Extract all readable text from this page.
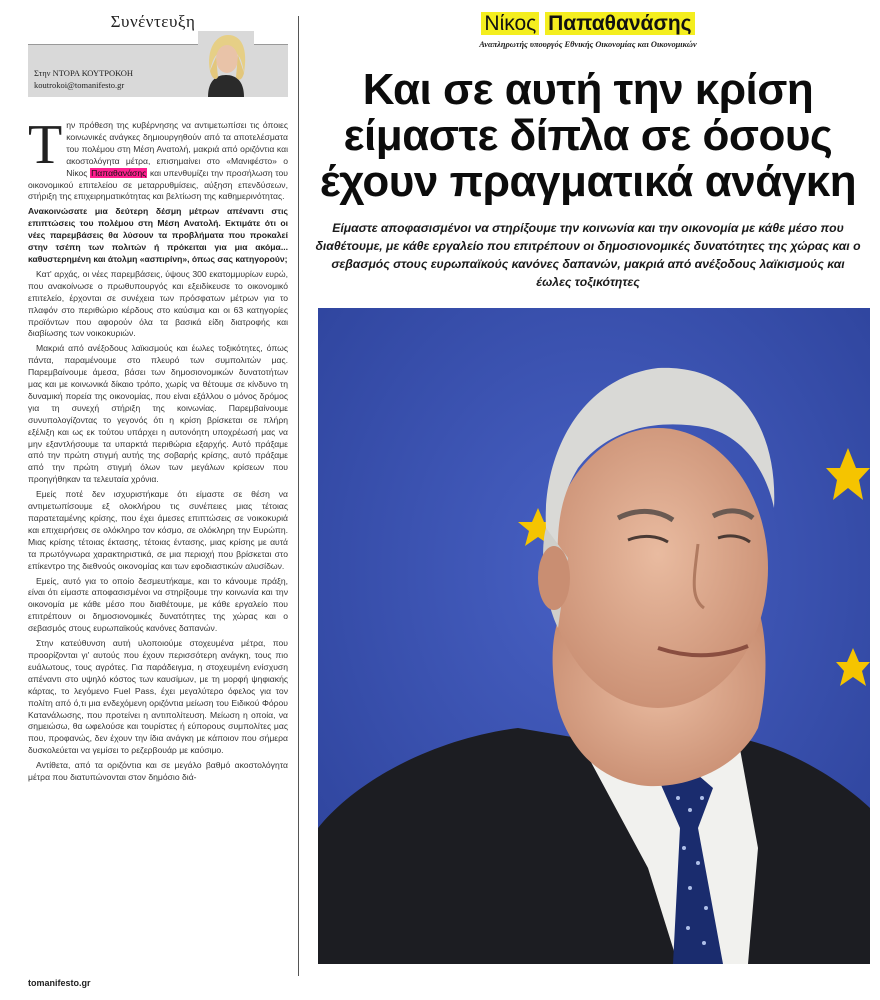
Συνέντευξη
Στην ΝΤΟΡΑ ΚΟΥΤΡΟΚΟΗ
koutrokoi@tomanifesto.gr

Την πρόθεση της κυβέρνησης να αντιμετωπίσει τις όποιες κοινωνικές ανάγκες δημιουργηθούν από τα αποτελέσματα του πολέμου στη Μέση Ανατολή, μακριά από οριζόντια και ακοστολόγητα μέτρα, επισημαίνει στο «Μανιφέστο» ο Νίκος Παπαθανάσης και υπενθυμίζει την προσήλωση του οικονομικού επιτελείου σε μεταρρυθμίσεις, αύξηση επενδύσεων, στήριξη της επιχειρηματικότητας και βελτίωση της καθημερινότητας.

Ανακοινώσατε μια δεύτερη δέσμη μέτρων απέναντι στις επιπτώσεις του πολέμου στη Μέση Ανατολή. Εκτιμάτε ότι οι νέες παρεμβάσεις θα λύσουν τα προβλήματα που προκαλεί στην τσέπη των πολιτών ή πρόκειται για μια ακόμα... καθυστερημένη και άτολμη «ασπιρίνη», όπως σας κατηγορούν;

Κατ' αρχάς, οι νέες παρεμβάσεις, ύψους 300 εκατομμυρίων ευρώ, που ανακοίνωσε ο πρωθυπουργός και εξειδίκευσε το οικονομικό επιτελείο, έρχονται σε συνέχεια των πρόσφατων μέτρων για το πλαφόν στο περιθώριο κέρδους στο καύσιμα και οι 63 κατηγορίες προϊόντων που αφορούν όλα τα βασικά είδη διατροφής και διαβίωσης των νοικοκυριών.

Μακριά από ανέξοδους λαϊκισμούς και έωλες τοξικότητες, όπως πάντα, παραμένουμε στο πλευρό των συμπολιτών μας. Παρεμβαίνουμε άμεσα, βάσει των δημοσιονομικών δυνατοτήτων μας και με κοινωνικά δίκαιο τρόπο, χωρίς να θέτουμε σε κίνδυνο τη δυναμική πορεία της οικονομίας, που είναι εξάλλου ο μόνος δρόμος για τη συνεχή στήριξη της κοινωνίας. Παρεμβαίνουμε συνυπολογίζοντας το γεγονός ότι η κρίση βρίσκεται σε πλήρη εξέλιξη και ως εκ τούτου υπάρχει η αυτονόητη υποχρέωσή μας να μην εξαντλήσουμε τα υπαρκτά περιθώρια εξαρχής. Αυτό πράξαμε από την πρώτη στιγμή αυτής της σοβαρής κρίσης, αυτό πράξαμε από την πρώτη στιγμή όλων των μεγάλων κρίσεων που προηγήθηκαν τα τελευταία χρόνια.

Εμείς ποτέ δεν ισχυριστήκαμε ότι είμαστε σε θέση να αντιμετωπίσουμε εξ ολοκλήρου τις συνέπειες μιας τέτοιας παρατεταμένης κρίσης, που έχει άμεσες επιπτώσεις σε νοικοκυριά και επιχειρήσεις σε ολόκληρο τον κόσμο, σε ολόκληρη την Ευρώπη. Μιας κρίσης τέτοιας έκτασης, τέτοιας έντασης, μιας κρίσης με αυτά τα πρωτόγνωρα χαρακτηριστικά, σε μια περιοχή που βρίσκεται στο επίκεντρο της διεθνούς οικονομίας και των εφοδιαστικών αλυσίδων.

Εμείς, αυτό για το οποίο δεσμευτήκαμε, και το κάνουμε πράξη, είναι ότι είμαστε αποφασισμένοι να στηρίξουμε την κοινωνία και την οικονομία με κάθε μέσο που διαθέτουμε, με κάθε εργαλείο που επιτρέπουν οι δημοσιονομικές δυνατότητες της χώρας και ο σεβασμός στους ευρωπαϊκούς κανόνες δαπανών.

Στην κατεύθυνση αυτή υλοποιούμε στοχευμένα μέτρα, που προορίζονται γι' αυτούς που έχουν περισσότερη ανάγκη, τους πιο ευάλωτους, τους αγρότες. Για παράδειγμα, η στοχευμένη ενίσχυση απέναντι στο υψηλό κόστος των καυσίμων, με τη μορφή ψηφιακής κάρτας, το λεγόμενο Fuel Pass, έχει μεγαλύτερο όφελος για τον πολίτη από ό,τι μια ενδεχόμενη οριζόντια μείωση του Ειδικού Φόρου Κατανάλωσης, που προτείνει η αντιπολίτευση. Μείωση η οποία, να σημειώσω, θα ωφελούσε και τουρίστες ή εύπορους συμπολίτες μας που, προφανώς, δεν έχουν την ίδια ανάγκη με κάποιον που σήμερα δυσκολεύεται να γεμίσει το ρεζερβουάρ με καύσιμο.

Αντίθετα, από τα οριζόντια και σε μεγάλο βαθμό ακοστολόγητα μέτρα που διατυπώνονται στον δημόσιο διά-

tomanifesto.gr
Νίκος Παπαθανάσης
Αναπληρωτής υπουργός Εθνικής Οικονομίας και Οικονομικών
Και σε αυτή την κρίση
είμαστε δίπλα σε όσους
έχουν πραγματικά ανάγκη
Είμαστε αποφασισμένοι να στηρίξουμε την κοινωνία και την οικονομία με κάθε μέσο που διαθέτουμε, με κάθε εργαλείο που επιτρέπουν οι δημοσιονομικές δυνατότητες της χώρας και ο σεβασμός στους ευρωπαϊκούς κανόνες δαπανών, μακριά από ανέξοδους λαϊκισμούς και έωλες τοξικότητες
